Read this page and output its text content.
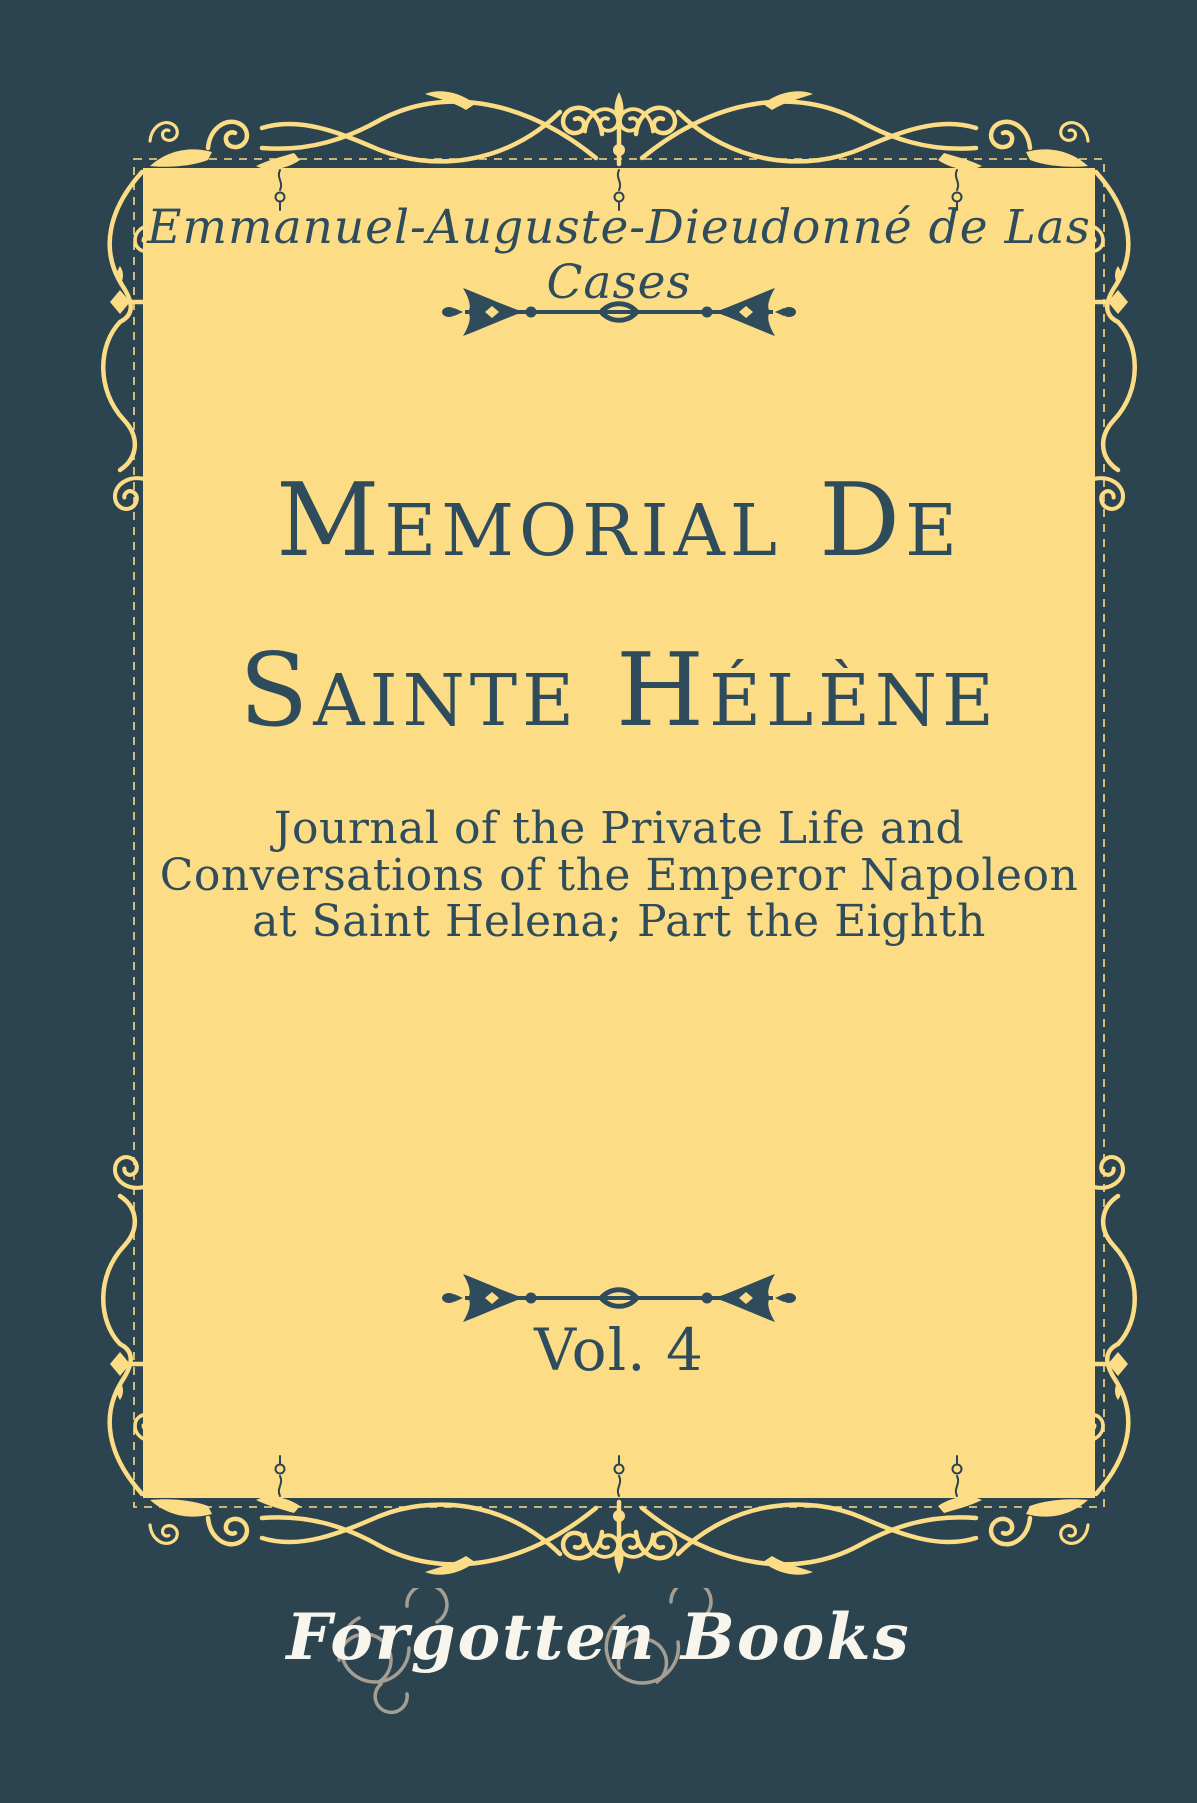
Emmanuel-Auguste-Dieudonné de Las Cases
Memorial De
Sainte Hélène
Journal of the Private Life and
Conversations of the Emperor Napoleon
at Saint Helena; Part the Eighth
Vol. 4
Forgotten Books
